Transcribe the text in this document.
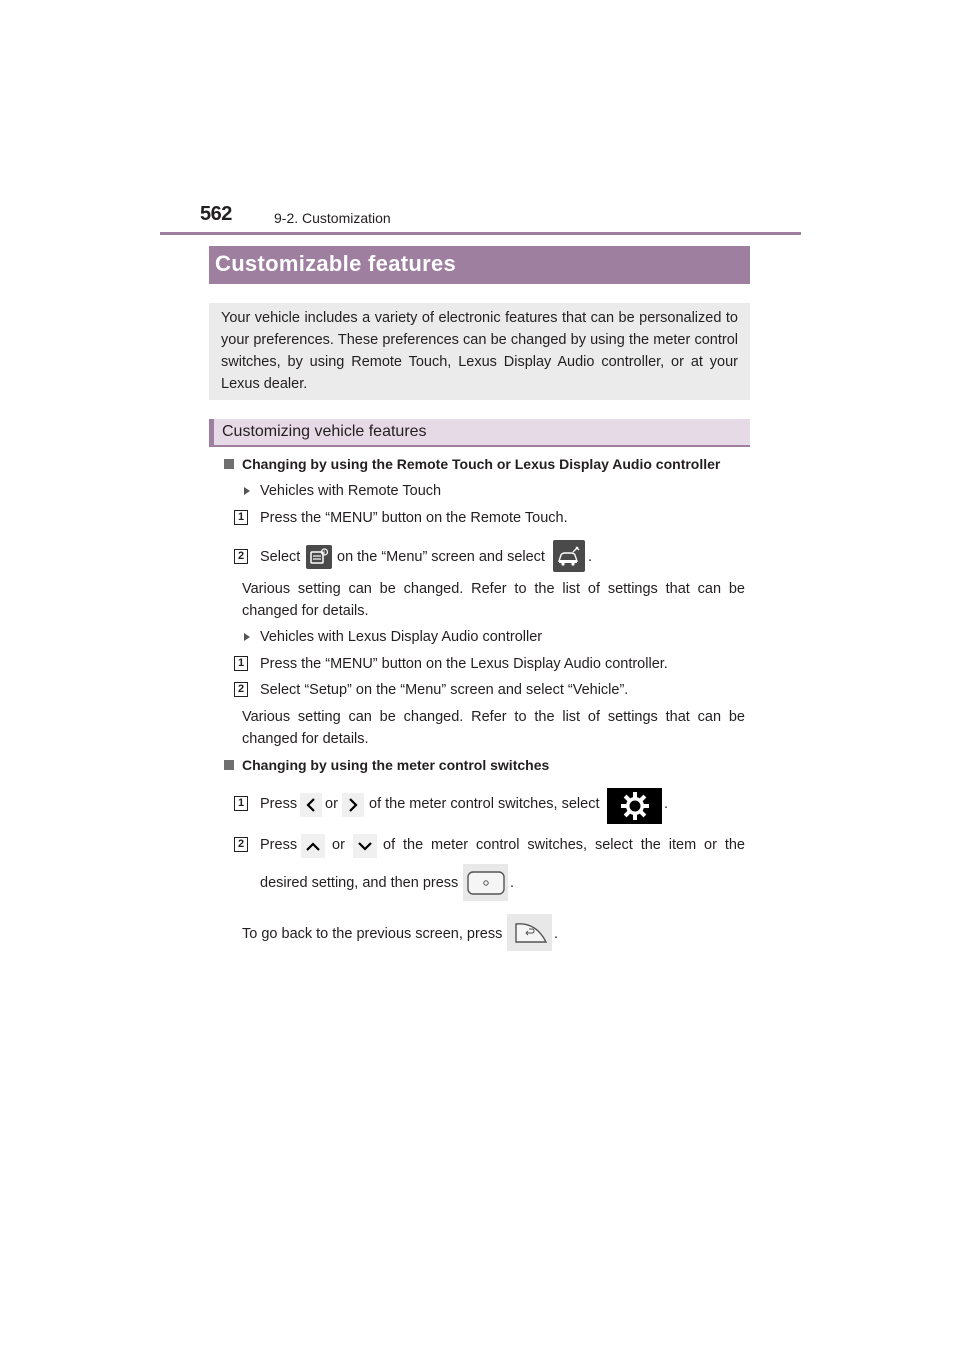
562	9-2. Customization
Customizable features

Your vehicle includes a variety of electronic features that can be personalized to your preferences. These preferences can be changed by using the meter control switches, by using Remote Touch, Lexus Display Audio controller, or at your Lexus dealer.

Customizing vehicle features
Changing by using the Remote Touch or Lexus Display Audio controller
Vehicles with Remote Touch
1 Press the “MENU” button on the Remote Touch.
2 Select	i on the “Menu” screen and select	.
Various setting can be changed. Refer to the list of settings that can be changed for details.
Vehicles with Lexus Display Audio controller
1 Press the “MENU” button on the Lexus Display Audio controller.
2 Select “Setup” on the “Menu” screen and select “Vehicle”.
Various setting can be changed. Refer to the list of settings that can be changed for details.
Changing by using the meter control switches
1 Press or of the meter control switches, select	.
2 Press or	of the meter control switches, select the item or the
desired setting, and then press	.
To go back to the previous screen, press	.
